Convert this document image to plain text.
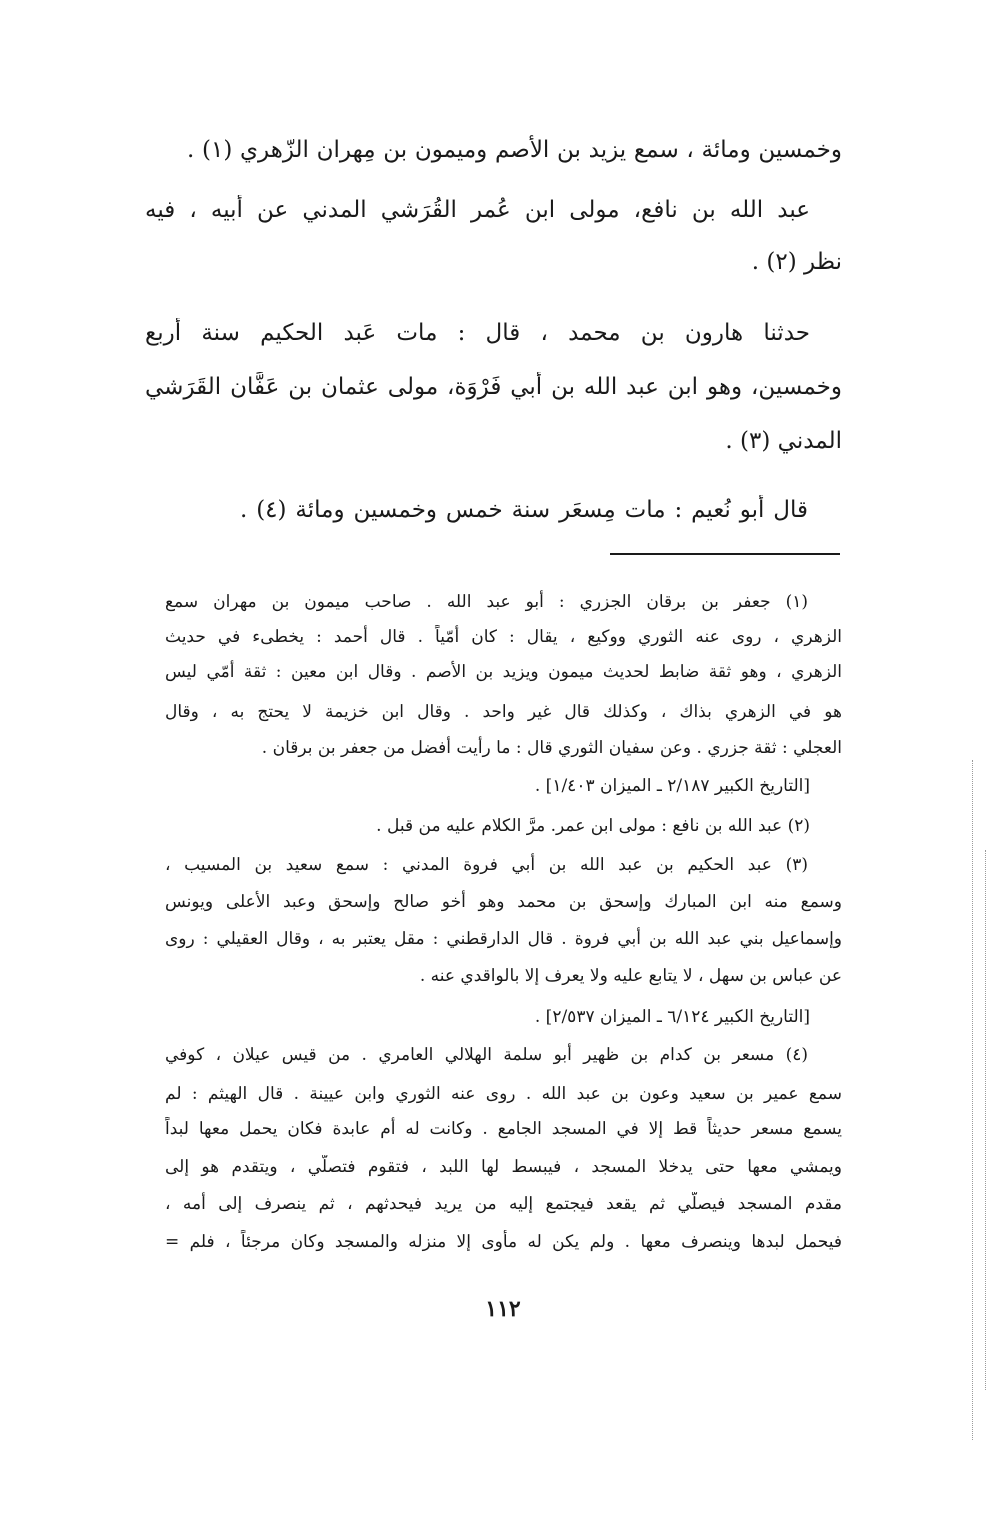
وخمسين ومائة ، سمع يزيد بن الأصم وميمون بن مِهران الزّهري (١) .
عبد الله بن نافع، مولى ابن عُمر القُرَشي المدني عن أبيه ، فيه
نظر (٢) .
حدثنا هارون بن محمد ، قال : مات عَبد الحكيم سنة أربع
وخمسين، وهو ابن عبد الله بن أبي فَرْوَة، مولى عثمان بن عَفَّان القَرَشي
المدني (٣) .
قال أبو نُعيم : مات مِسعَر سنة خمس وخمسين ومائة (٤) .
(١) جعفر بن برقان الجزري : أبو عبد الله . صاحب ميمون بن مهران سمع
الزهري ، روى عنه الثوري ووكيع ، يقال : كان أُمّياً . قال أحمد : يخطىء في حديث
الزهري ، وهو ثقة ضابط لحديث ميمون ويزيد بن الأصم . وقال ابن معين : ثقة أُمّي ليس
هو في الزهري بذاك ، وكذلك قال غير واحد . وقال ابن خزيمة لا يحتج به ، وقال
العجلي : ثقة جزري . وعن سفيان الثوري قال : ما رأيت أفضل من جعفر بن برقان .
[التاريخ الكبير ٢/١٨٧ ـ الميزان ١/٤٠٣] .
(٢) عبد الله بن نافع : مولى ابن عمر. مرَّ الكلام عليه من قبل .
(٣) عبد الحكيم بن عبد الله بن أبي فروة المدني : سمع سعيد بن المسيب ،
وسمع منه ابن المبارك وإسحق بن محمد وهو أخو صالح وإسحق وعبد الأعلى ويونس
وإسماعيل بني عبد الله بن أبي فروة . قال الدارقطني : مقل يعتبر به ، وقال العقيلي : روى
عن عباس بن سهل ، لا يتابع عليه ولا يعرف إلا بالواقدي عنه .
[التاريخ الكبير ٦/١٢٤ ـ الميزان ٢/٥٣٧] .
(٤) مسعر بن كدام بن ظهير أبو سلمة الهلالي العامري . من قيس عيلان ، كوفي
سمع عمير بن سعيد وعون بن عبد الله . روى عنه الثوري وابن عيينة . قال الهيثم : لم
يسمع مسعر حديثاً قط إلا في المسجد الجامع . وكانت له أم عابدة فكان يحمل معها لبداً
ويمشي معها حتى يدخلا المسجد ، فيبسط لها اللبد ، فتقوم فتصلّي ، ويتقدم هو إلى
مقدم المسجد فيصلّي ثم يقعد فيجتمع إليه من يريد فيحدثهم ، ثم ينصرف إلى أمه ،
فيحمل لبدها وينصرف معها . ولم يكن له مأوى إلا منزله والمسجد وكان مرجئاً ، فلم =
١١٢
